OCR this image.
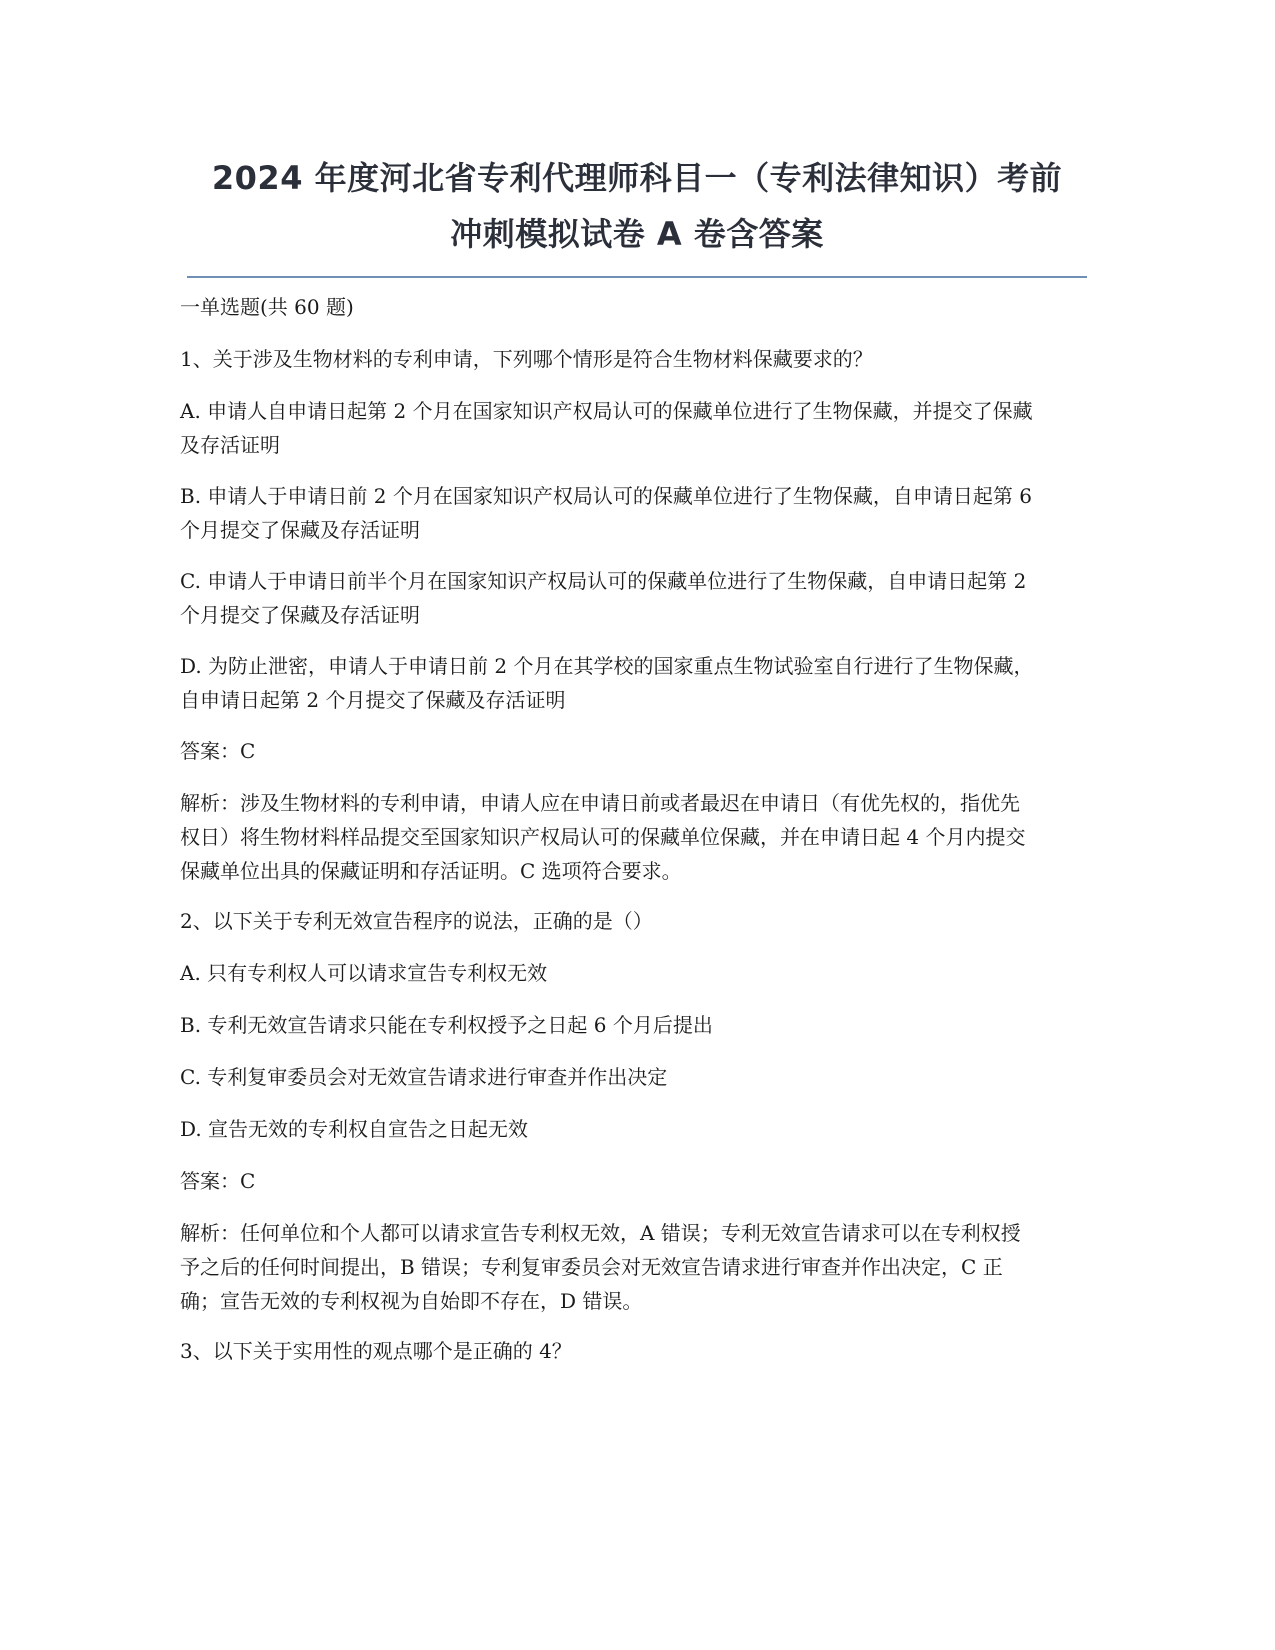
2024 年度河北省专利代理师科目一（专利法律知识）考前
冲刺模拟试卷 A 卷含答案
一单选题(共 60 题)
1、关于涉及生物材料的专利申请，下列哪个情形是符合生物材料保藏要求的？
A. 申请人自申请日起第 2 个月在国家知识产权局认可的保藏单位进行了生物保藏，并提交了保藏及存活证明
B. 申请人于申请日前 2 个月在国家知识产权局认可的保藏单位进行了生物保藏，自申请日起第 6 个月提交了保藏及存活证明
C. 申请人于申请日前半个月在国家知识产权局认可的保藏单位进行了生物保藏，自申请日起第 2 个月提交了保藏及存活证明
D. 为防止泄密，申请人于申请日前 2 个月在其学校的国家重点生物试验室自行进行了生物保藏，自申请日起第 2 个月提交了保藏及存活证明
答案：C
解析：涉及生物材料的专利申请，申请人应在申请日前或者最迟在申请日（有优先权的，指优先权日）将生物材料样品提交至国家知识产权局认可的保藏单位保藏，并在申请日起 4 个月内提交保藏单位出具的保藏证明和存活证明。C 选项符合要求。
2、以下关于专利无效宣告程序的说法，正确的是（）
A. 只有专利权人可以请求宣告专利权无效
B. 专利无效宣告请求只能在专利权授予之日起 6 个月后提出
C. 专利复审委员会对无效宣告请求进行审查并作出决定
D. 宣告无效的专利权自宣告之日起无效
答案：C
解析：任何单位和个人都可以请求宣告专利权无效，A 错误；专利无效宣告请求可以在专利权授予之后的任何时间提出，B 错误；专利复审委员会对无效宣告请求进行审查并作出决定，C 正确；宣告无效的专利权视为自始即不存在，D 错误。
3、以下关于实用性的观点哪个是正确的 4？
